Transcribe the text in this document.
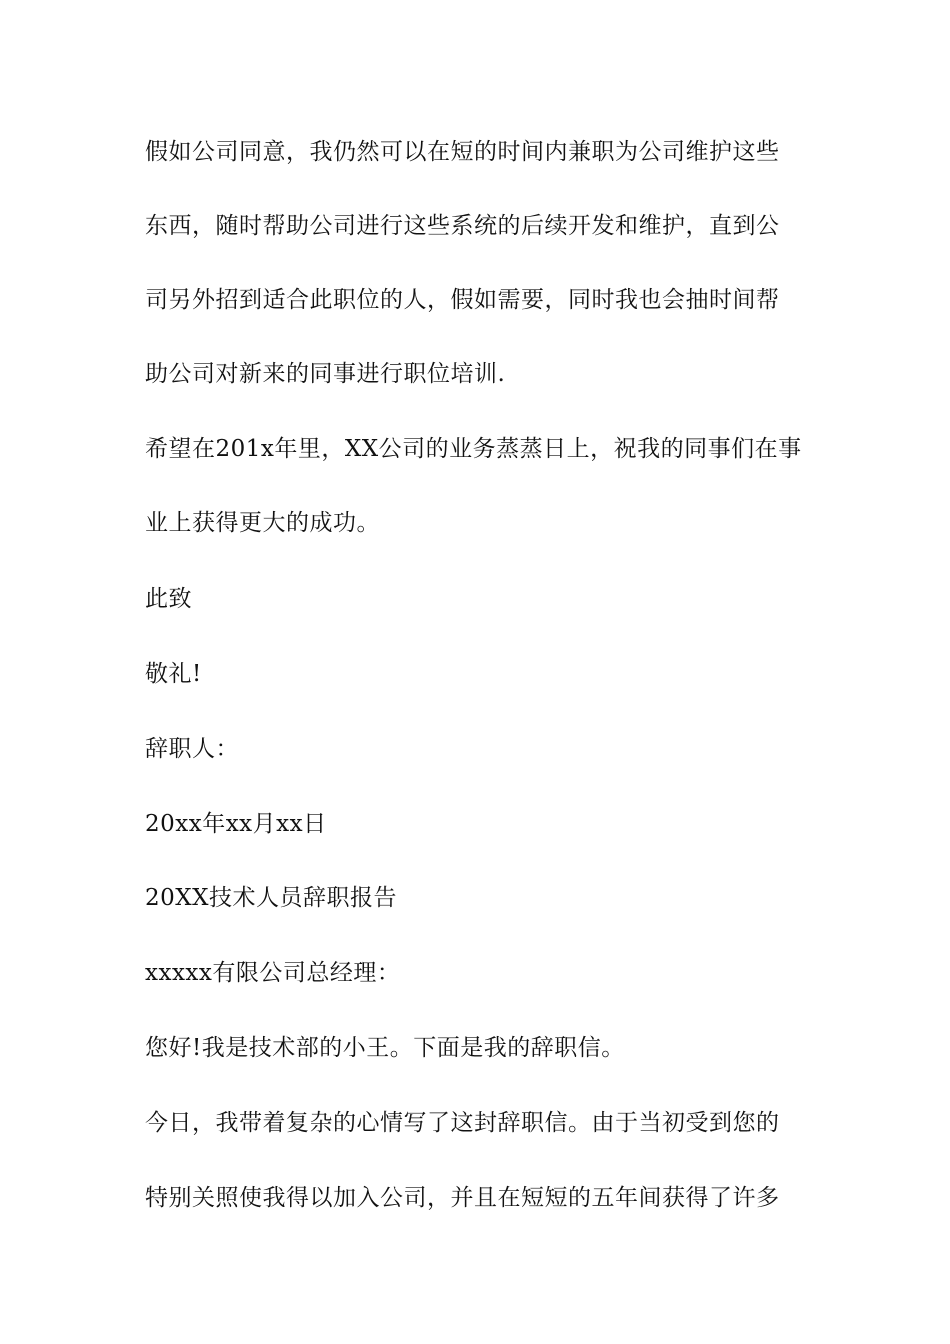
假如公司同意，我仍然可以在短的时间内兼职为公司维护这些
东西，随时帮助公司进行这些系统的后续开发和维护，直到公
司另外招到适合此职位的人，假如需要，同时我也会抽时间帮
助公司对新来的同事进行职位培训.
希望在201x年里，XX公司的业务蒸蒸日上，祝我的同事们在事
业上获得更大的成功。
此致
敬礼!
辞职人：
20xx年xx月xx日
20XX技术人员辞职报告
xxxxx有限公司总经理：
您好!我是技术部的小王。下面是我的辞职信。
今日，我带着复杂的心情写了这封辞职信。由于当初受到您的
特别关照使我得以加入公司，并且在短短的五年间获得了许多
